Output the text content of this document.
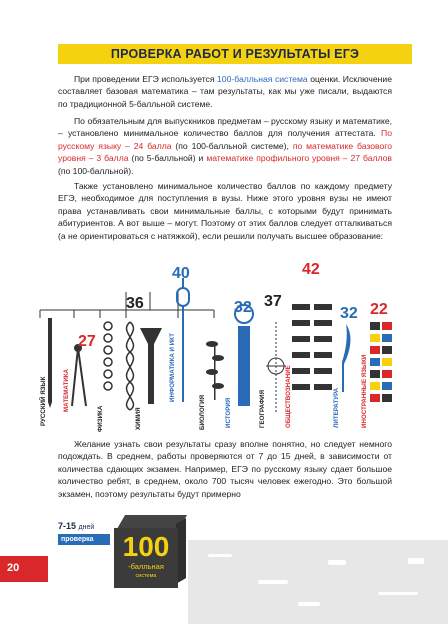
ПРОВЕРКА РАБОТ И РЕЗУЛЬТАТЫ ЕГЭ

При проведении ЕГЭ используется 100-балльная система оценки. Исключение составляет базовая математика – там результаты, как мы уже писали, выдаются по традиционной 5-балльной системе.

По обязательным для выпускников предметам – русскому языку и математике, – установлено минимальное количество баллов для получения аттестата. По русскому языку – 24 балла (по 100-балльной системе), по математике базового уровня – 3 балла (по 5-балльной) и математике профильного уровня – 27 баллов (по 100-балльной).

Также установлено минимальное количество баллов по каждому предмету ЕГЭ, необходимое для поступления в вузы. Ниже этого уровня вузы не имеют права устанавливать свои минимальные баллы, с которыми будут принимать абитуриентов. А вот выше – могут. Поэтому от этих баллов следует отталкиваться (а не ориентироваться с натяжкой), если решили получать высшее образование:

36
27
40
32 37
42
32 22
РУССКИЙ ЯЗЫК	МАТЕМАТИКА
ФИЗИКА	ХИМИЯ
ИНФОРМАТИКА И ИКТ
БИОЛОГИЯ	ИСТОРИЯ	ГЕОГРАФИЯ	ОБЩЕСТВОЗНАНИЕ	ЛИТЕРАТУРА	ИНОСТРАННЫЕ ЯЗЫКИ

Желание узнать свои результаты сразу вполне понятно, но следует немного подождать. В среднем, работы проверяются от 7 до 15 дней, в зависимости от количества сдающих экзамен. Например, ЕГЭ по русскому языку сдает большое количество ребят, в среднем, около 700 тысяч человек ежегодно. Это большой экзамен, поэтому результаты будут примерно

20
7-15 дней
проверка	100
-балльная
система
